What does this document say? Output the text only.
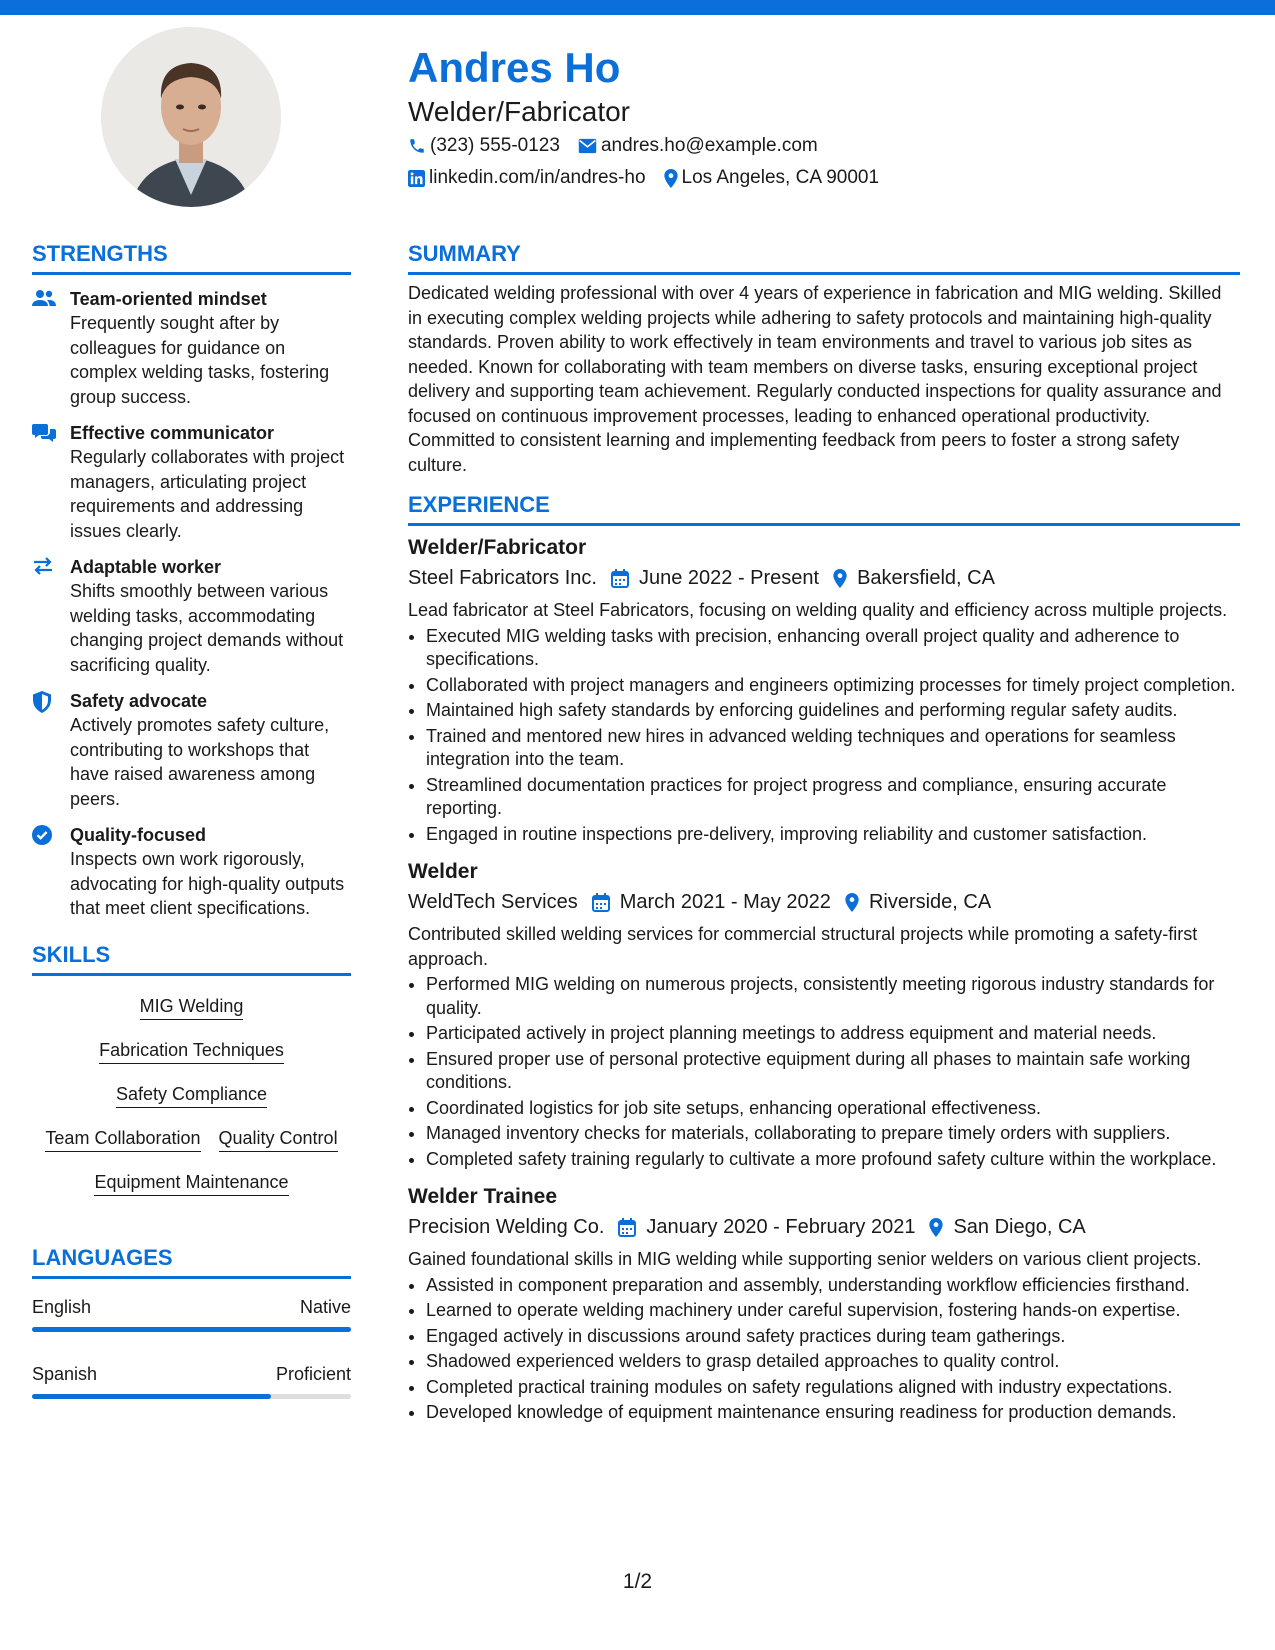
Andres Ho
Welder/Fabricator
(323) 555-0123 andres.ho@example.com
linkedin.com/in/andres-ho Los Angeles, CA 90001
STRENGTHS
Team-oriented mindset
Frequently sought after by colleagues for guidance on complex welding tasks, fostering group success.
Effective communicator
Regularly collaborates with project managers, articulating project requirements and addressing issues clearly.
Adaptable worker
Shifts smoothly between various welding tasks, accommodating changing project demands without sacrificing quality.
Safety advocate
Actively promotes safety culture, contributing to workshops that have raised awareness among peers.
Quality-focused
Inspects own work rigorously, advocating for high-quality outputs that meet client specifications.
SKILLS
MIG Welding
Fabrication Techniques
Safety Compliance
Team Collaboration Quality Control
Equipment Maintenance
LANGUAGES
English	Native
Spanish	Proficient
SUMMARY
Dedicated welding professional with over 4 years of experience in fabrication and MIG welding. Skilled in executing complex welding projects while adhering to safety protocols and maintaining high-quality standards. Proven ability to work effectively in team environments and travel to various job sites as needed. Known for collaborating with team members on diverse tasks, ensuring exceptional project delivery and supporting team achievement. Regularly conducted inspections for quality assurance and focused on continuous improvement processes, leading to enhanced operational productivity. Committed to consistent learning and implementing feedback from peers to foster a strong safety culture.
EXPERIENCE
Welder/Fabricator
Steel Fabricators Inc. June 2022 - Present Bakersfield, CA
Lead fabricator at Steel Fabricators, focusing on welding quality and efficiency across multiple projects.
• Executed MIG welding tasks with precision, enhancing overall project quality and adherence to specifications.
• Collaborated with project managers and engineers optimizing processes for timely project completion.
• Maintained high safety standards by enforcing guidelines and performing regular safety audits.
• Trained and mentored new hires in advanced welding techniques and operations for seamless integration into the team.
• Streamlined documentation practices for project progress and compliance, ensuring accurate reporting.
• Engaged in routine inspections pre-delivery, improving reliability and customer satisfaction.
Welder
WeldTech Services March 2021 - May 2022 Riverside, CA
Contributed skilled welding services for commercial structural projects while promoting a safety-first approach.
• Performed MIG welding on numerous projects, consistently meeting rigorous industry standards for quality.
• Participated actively in project planning meetings to address equipment and material needs.
• Ensured proper use of personal protective equipment during all phases to maintain safe working conditions.
• Coordinated logistics for job site setups, enhancing operational effectiveness.
• Managed inventory checks for materials, collaborating to prepare timely orders with suppliers.
• Completed safety training regularly to cultivate a more profound safety culture within the workplace.
Welder Trainee
Precision Welding Co. January 2020 - February 2021 San Diego, CA
Gained foundational skills in MIG welding while supporting senior welders on various client projects.
• Assisted in component preparation and assembly, understanding workflow efficiencies firsthand.
• Learned to operate welding machinery under careful supervision, fostering hands-on expertise.
• Engaged actively in discussions around safety practices during team gatherings.
• Shadowed experienced welders to grasp detailed approaches to quality control.
• Completed practical training modules on safety regulations aligned with industry expectations.
• Developed knowledge of equipment maintenance ensuring readiness for production demands.
1/2
